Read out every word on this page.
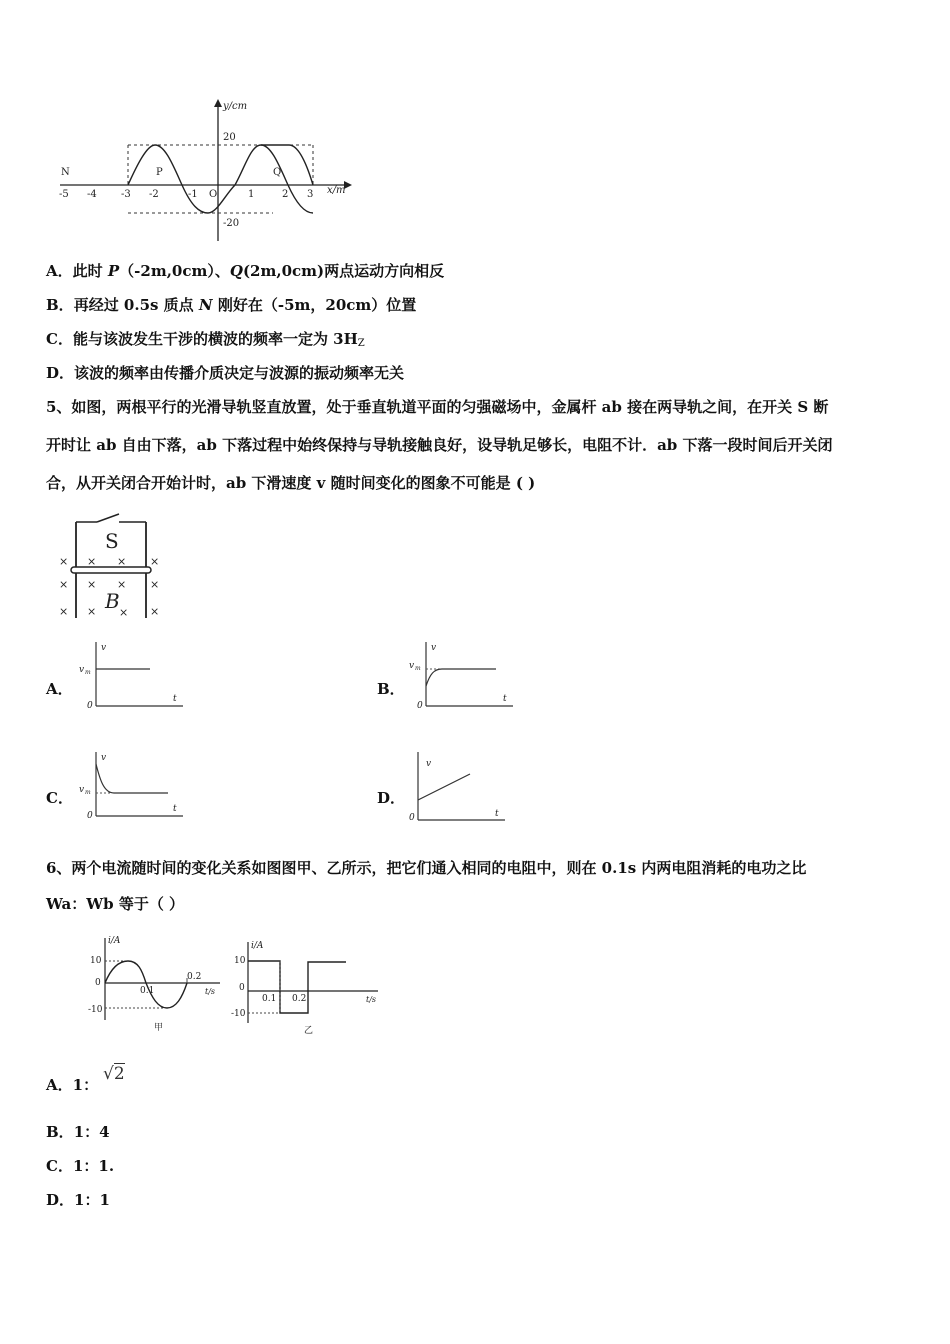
y/cm
x/m
20
-20
N	P	Q
-5 -4 -3 -2	-1 O	1	2 3
A．此时 P（-2m,0cm）、Q(2m,0cm)两点运动方向相反
B．再经过 0.5s 质点 N 刚好在（-5m，20cm）位置
C．能与该波发生干涉的横波的频率一定为 3HZ
D．该波的频率由传播介质决定与波源的振动频率无关
5、如图，两根平行的光滑导轨竖直放置，处于垂直轨道平面的匀强磁场中，金属杆 ab 接在两导轨之间，在开关 S 断
开时让 ab 自由下落，ab 下落过程中始终保持与导轨接触良好，设导轨足够长，电阻不计．ab 下落一段时间后开关闭
合，从开关闭合开始计时，ab 下滑速度 v 随时间变化的图象不可能是 ( )
S
B
× × × ×
× × × ×
× × × ×
A．	B．
C．	D．
v
v m
t
0
v
v m
t
0
v
v m
t
0
v
t
0
6、两个电流随时间的变化关系如图图甲、乙所示，把它们通入相同的电阻中，则在 0.1s 内两电阻消耗的电功之比
Wa：Wb 等于（ ）
i/A
10
0
-10
0.1
0.2
t/s
甲
i/A
10
0
-10
0.1 0.2	t/s
乙
A．1：
√2
B．1：4
C．1：1.
D．1：1
